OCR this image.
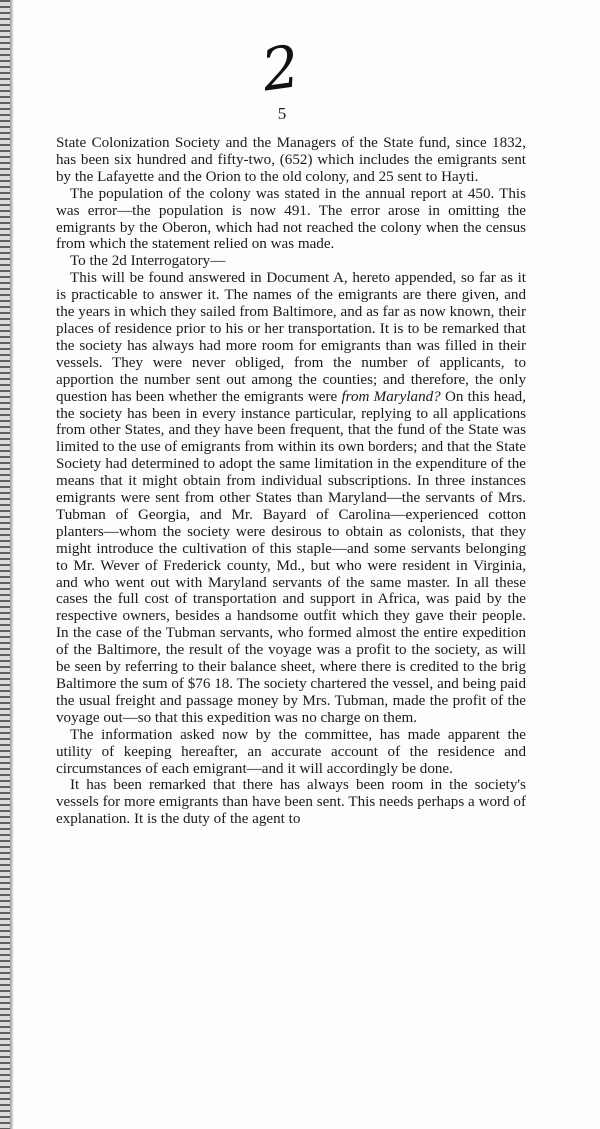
2
5

State Colonization Society and the Managers of the State fund, since 1832, has been six hundred and fifty-two, (652) which includes the emigrants sent by the Lafayette and the Orion to the old colony, and 25 sent to Hayti.

The population of the colony was stated in the annual report at 450. This was error—the population is now 491. The error arose in omitting the emigrants by the Oberon, which had not reached the colony when the census from which the statement relied on was made.

To the 2d Interrogatory—

This will be found answered in Document A, hereto appended, so far as it is practicable to answer it. The names of the emigrants are there given, and the years in which they sailed from Baltimore, and as far as now known, their places of residence prior to his or her transportation. It is to be remarked that the society has always had more room for emigrants than was filled in their vessels. They were never obliged, from the number of applicants, to apportion the number sent out among the counties; and therefore, the only question has been whether the emigrants were from Maryland? On this head, the society has been in every instance particular, replying to all applications from other States, and they have been frequent, that the fund of the State was limited to the use of emigrants from within its own borders; and that the State Society had determined to adopt the same limitation in the expenditure of the means that it might obtain from individual subscriptions. In three instances emigrants were sent from other States than Maryland—the servants of Mrs. Tubman of Georgia, and Mr. Bayard of Carolina—experienced cotton planters—whom the society were desirous to obtain as colonists, that they might introduce the cultivation of this staple—and some servants belonging to Mr. Wever of Frederick county, Md., but who were resident in Virginia, and who went out with Maryland servants of the same master. In all these cases the full cost of transportation and support in Africa, was paid by the respective owners, besides a handsome outfit which they gave their people. In the case of the Tubman servants, who formed almost the entire expedition of the Baltimore, the result of the voyage was a profit to the society, as will be seen by referring to their balance sheet, where there is credited to the brig Baltimore the sum of $76 18. The society chartered the vessel, and being paid the usual freight and passage money by Mrs. Tubman, made the profit of the voyage out—so that this expedition was no charge on them.

The information asked now by the committee, has made apparent the utility of keeping hereafter, an accurate account of the residence and circumstances of each emigrant—and it will accordingly be done.

It has been remarked that there has always been room in the society's vessels for more emigrants than have been sent. This needs perhaps a word of explanation. It is the duty of the agent to
